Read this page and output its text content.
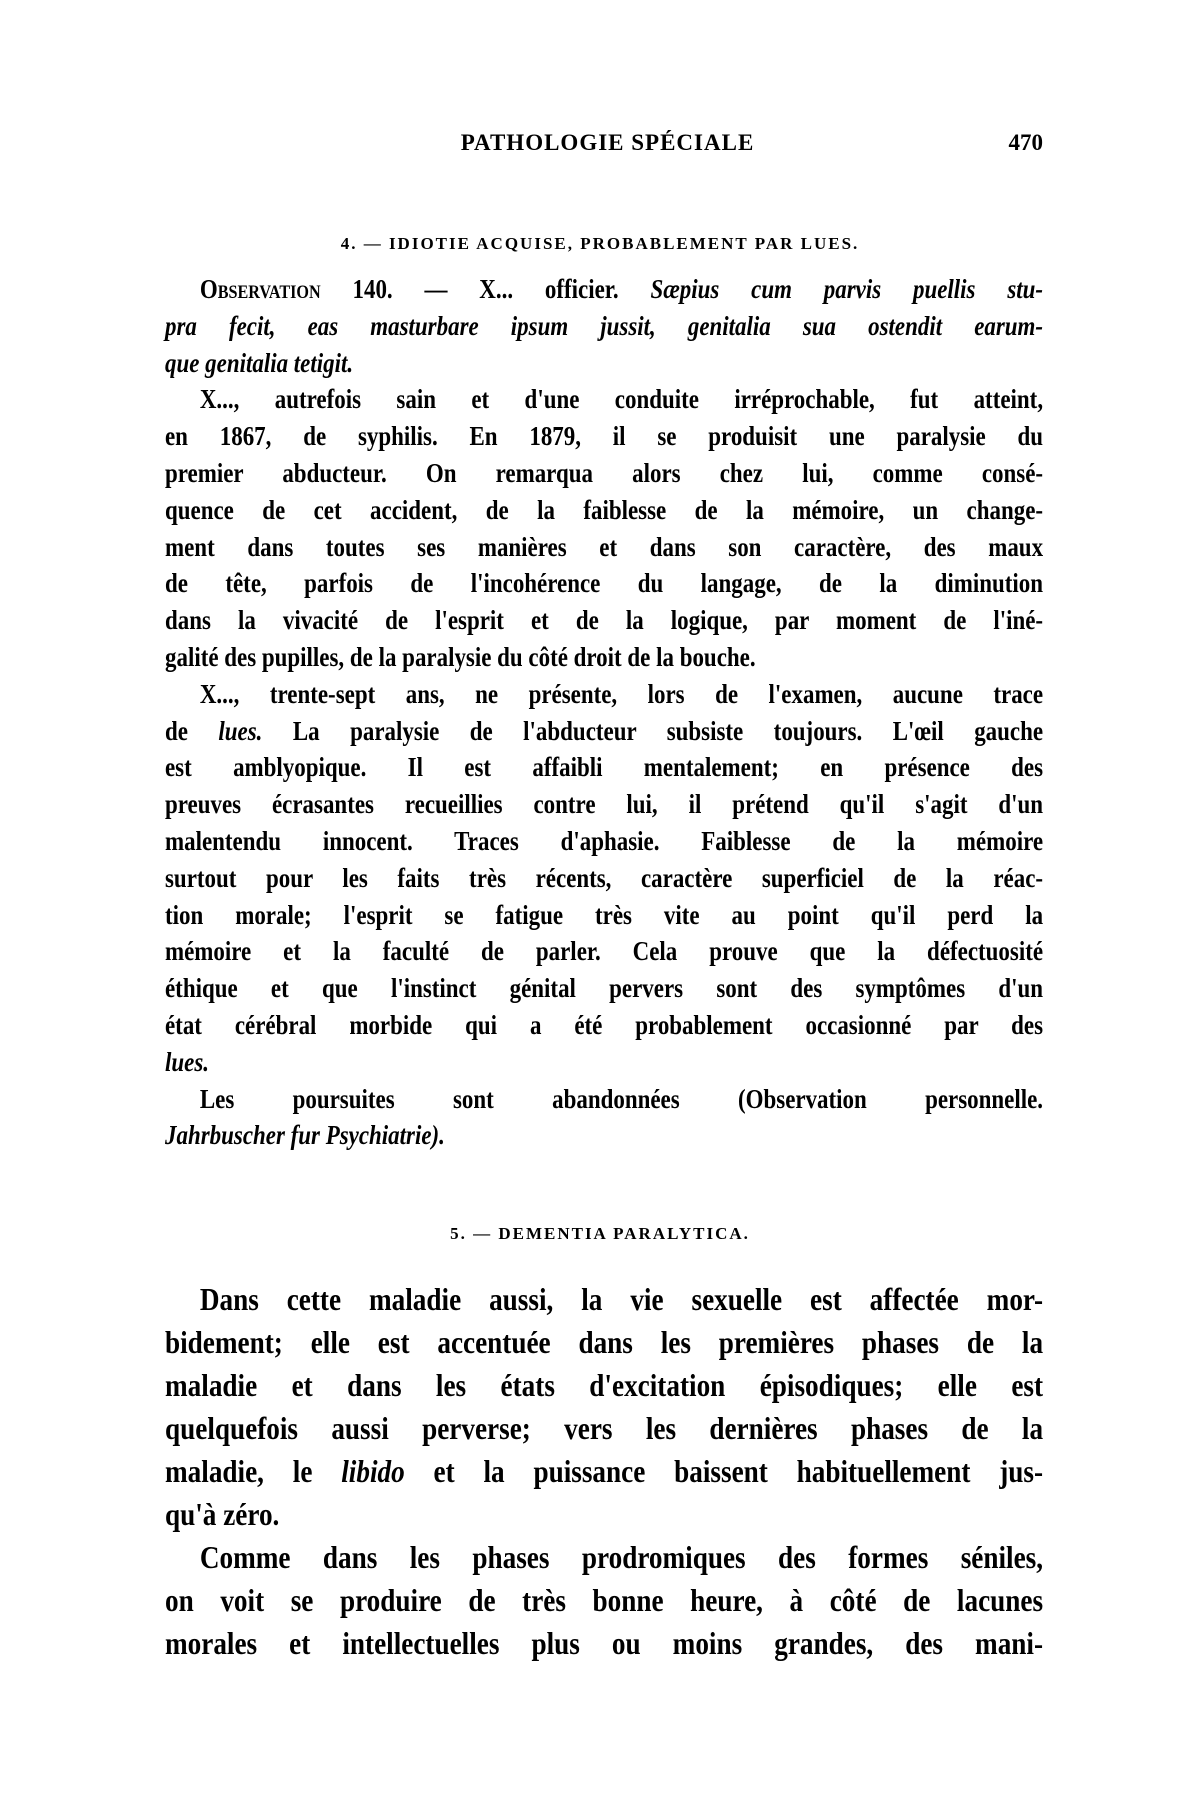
PATHOLOGIE SPÉCIALE	470
4. — IDIOTIE ACQUISE, PROBABLEMENT PAR LUES.
Observation 140. — X... officier. Sæpius cum parvis puellis stu-
pra fecit, eas masturbare ipsum jussit, genitalia sua ostendit earum-
que genitalia tetigit.
X..., autrefois sain et d'une conduite irréprochable, fut atteint,
en 1867, de syphilis. En 1879, il se produisit une paralysie du
premier abducteur. On remarqua alors chez lui, comme consé-
quence de cet accident, de la faiblesse de la mémoire, un change-
ment dans toutes ses manières et dans son caractère, des maux
de tête, parfois de l'incohérence du langage, de la diminution
dans la vivacité de l'esprit et de la logique, par moment de l'iné-
galité des pupilles, de la paralysie du côté droit de la bouche.
X..., trente-sept ans, ne présente, lors de l'examen, aucune trace
de lues. La paralysie de l'abducteur subsiste toujours. L'œil gauche
est amblyopique. Il est affaibli mentalement; en présence des
preuves écrasantes recueillies contre lui, il prétend qu'il s'agit d'un
malentendu innocent. Traces d'aphasie. Faiblesse de la mémoire
surtout pour les faits très récents, caractère superficiel de la réac-
tion morale; l'esprit se fatigue très vite au point qu'il perd la
mémoire et la faculté de parler. Cela prouve que la défectuosité
éthique et que l'instinct génital pervers sont des symptômes d'un
état cérébral morbide qui a été probablement occasionné par des
lues.
Les poursuites sont abandonnées (Observation personnelle.
Jahrbuscher fur Psychiatrie).
5. — DEMENTIA PARALYTICA.
Dans cette maladie aussi, la vie sexuelle est affectée mor-
bidement; elle est accentuée dans les premières phases de la
maladie et dans les états d'excitation épisodiques; elle est
quelquefois aussi perverse; vers les dernières phases de la
maladie, le libido et la puissance baissent habituellement jus-
qu'à zéro.
Comme dans les phases prodromiques des formes séniles,
on voit se produire de très bonne heure, à côté de lacunes
morales et intellectuelles plus ou moins grandes, des mani-
